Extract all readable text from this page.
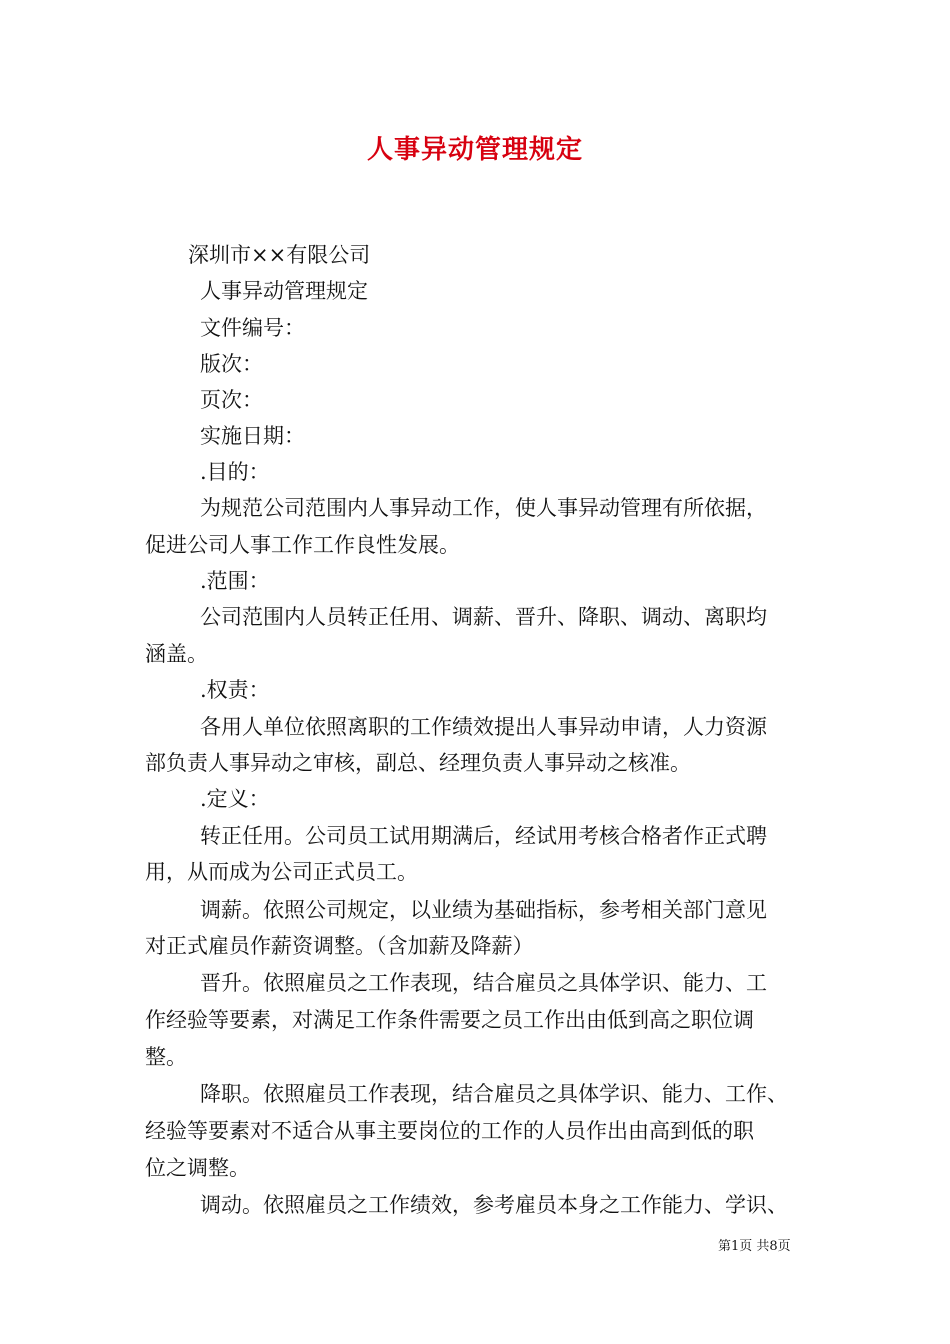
人事异动管理规定

深圳市××有限公司

人事异动管理规定

文件编号：

版次：

页次：

实施日期：

.目的：

为规范公司范围内人事异动工作，使人事异动管理有所依据，

促进公司人事工作工作良性发展。

.范围：

公司范围内人员转正任用、调薪、晋升、降职、调动、离职均

涵盖。

.权责：

各用人单位依照离职的工作绩效提出人事异动申请，人力资源

部负责人事异动之审核，副总、经理负责人事异动之核准。

.定义：

转正任用。公司员工试用期满后，经试用考核合格者作正式聘

用，从而成为公司正式员工。

调薪。依照公司规定，以业绩为基础指标，参考相关部门意见

对正式雇员作薪资调整。（含加薪及降薪）

晋升。依照雇员之工作表现，结合雇员之具体学识、能力、工

作经验等要素，对满足工作条件需要之员工作出由低到高之职位调

整。

降职。依照雇员工作表现，结合雇员之具体学识、能力、工作、

经验等要素对不适合从事主要岗位的工作的人员作出由高到低的职

位之调整。

调动。依照雇员之工作绩效，参考雇员本身之工作能力、学识、

第1页 共8页
